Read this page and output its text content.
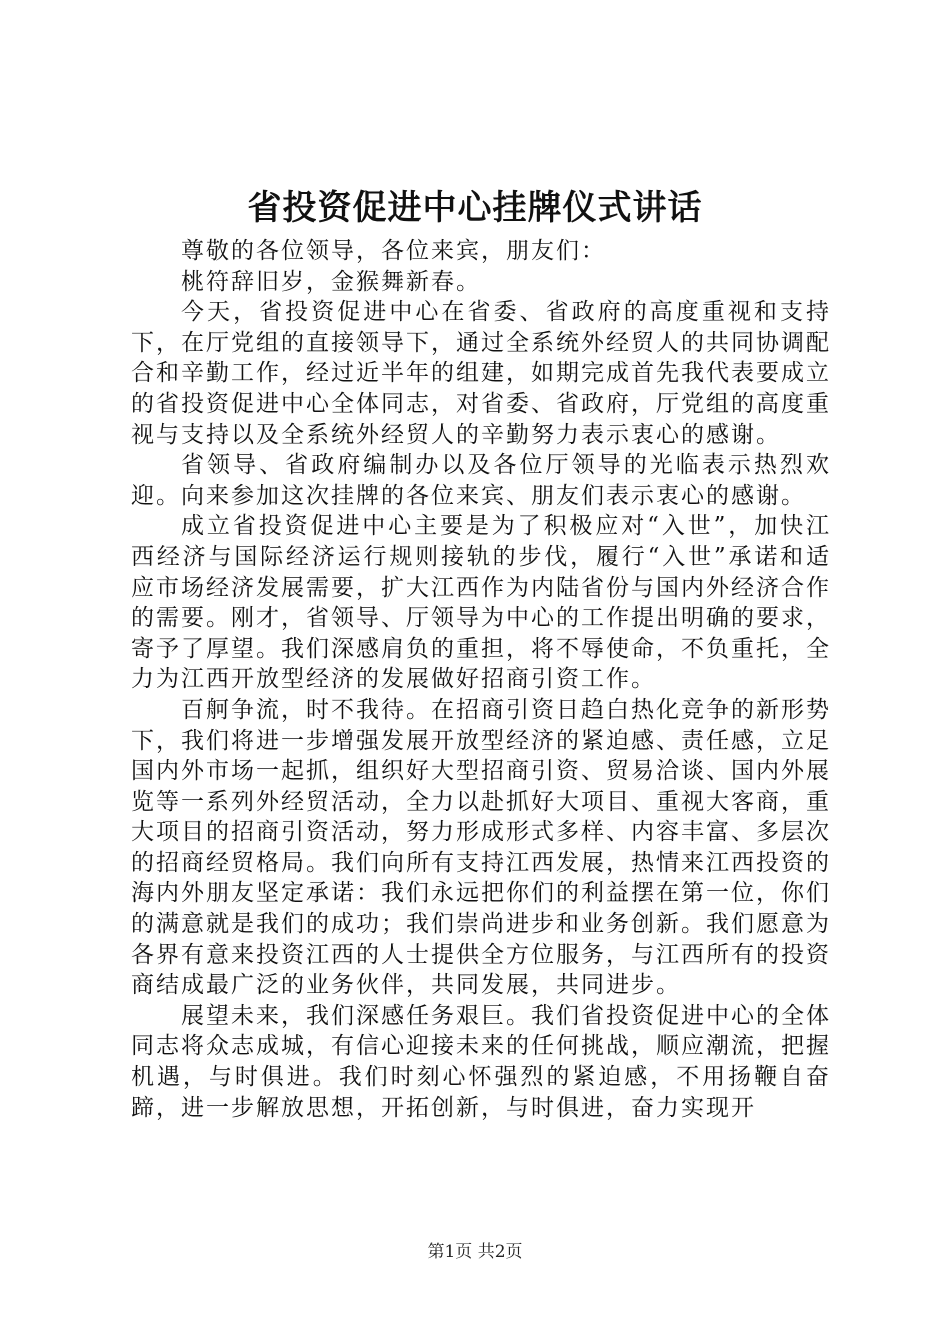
省投资促进中心挂牌仪式讲话

尊敬的各位领导，各位来宾，朋友们：

桃符辞旧岁，金猴舞新春。

今天，省投资促进中心在省委、省政府的高度重视和支持下，在厅党组的直接领导下，通过全系统外经贸人的共同协调配合和辛勤工作，经过近半年的组建，如期完成首先我代表要成立的省投资促进中心全体同志，对省委、省政府，厅党组的高度重视与支持以及全系统外经贸人的辛勤努力表示衷心的感谢。

省领导、省政府编制办以及各位厅领导的光临表示热烈欢迎。向来参加这次挂牌的各位来宾、朋友们表示衷心的感谢。

成立省投资促进中心主要是为了积极应对“入世”，加快江西经济与国际经济运行规则接轨的步伐，履行“入世”承诺和适应市场经济发展需要，扩大江西作为内陆省份与国内外经济合作的需要。刚才，省领导、厅领导为中心的工作提出明确的要求，寄予了厚望。我们深感肩负的重担，将不辱使命，不负重托，全力为江西开放型经济的发展做好招商引资工作。

百舸争流，时不我待。在招商引资日趋白热化竞争的新形势下，我们将进一步增强发展开放型经济的紧迫感、责任感，立足国内外市场一起抓，组织好大型招商引资、贸易洽谈、国内外展览等一系列外经贸活动，全力以赴抓好大项目、重视大客商，重大项目的招商引资活动，努力形成形式多样、内容丰富、多层次的招商经贸格局。我们向所有支持江西发展，热情来江西投资的海内外朋友坚定承诺：我们永远把你们的利益摆在第一位，你们的满意就是我们的成功；我们崇尚进步和业务创新。我们愿意为各界有意来投资江西的人士提供全方位服务，与江西所有的投资商结成最广泛的业务伙伴，共同发展，共同进步。

展望未来，我们深感任务艰巨。我们省投资促进中心的全体同志将众志成城，有信心迎接未来的任何挑战，顺应潮流，把握机遇，与时俱进。我们时刻心怀强烈的紧迫感，不用扬鞭自奋蹄，进一步解放思想，开拓创新，与时俱进，奋力实现开

第1页 共2页
